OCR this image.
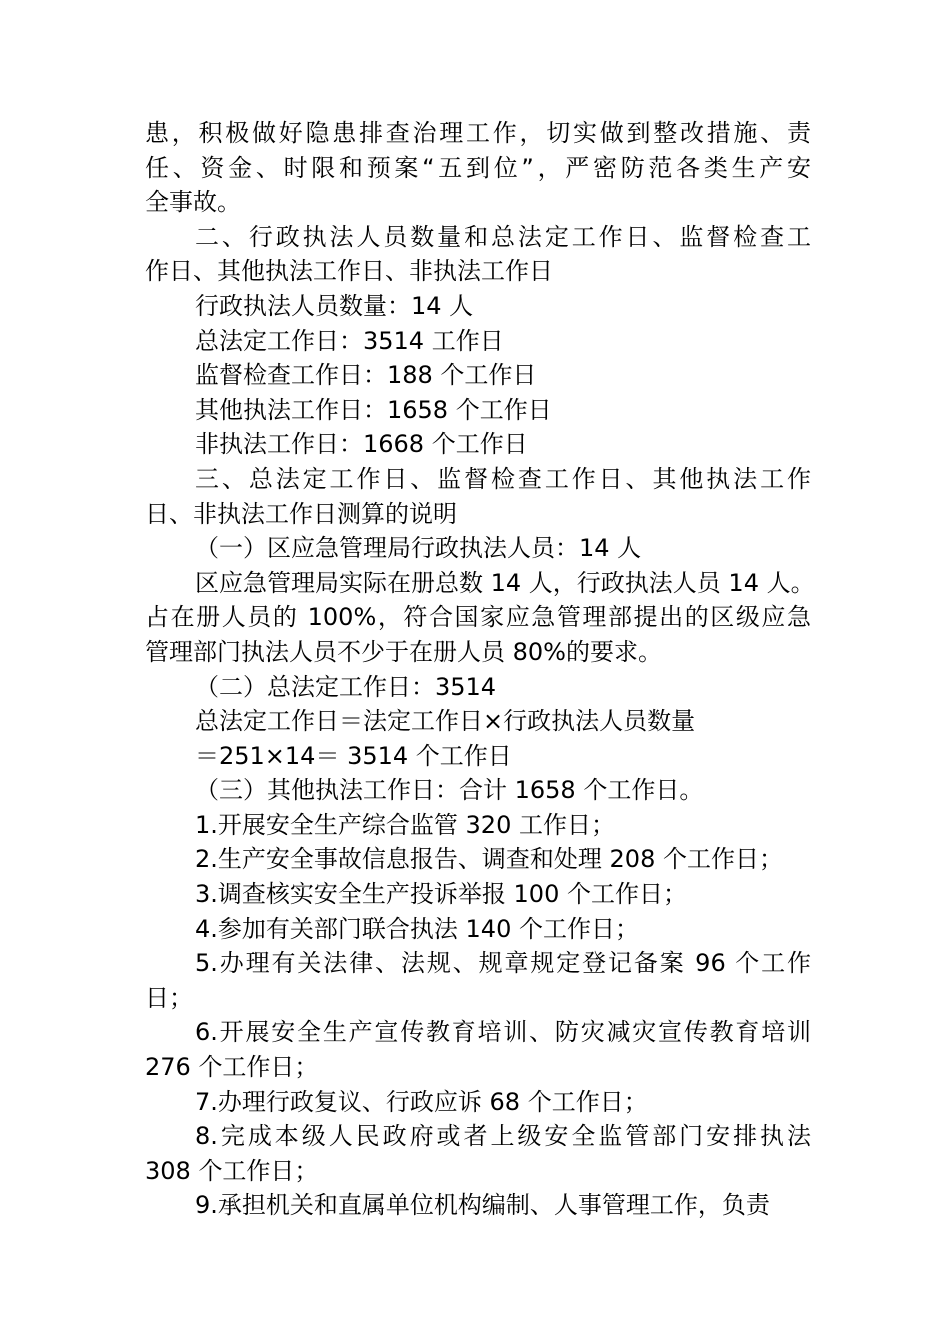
患，积极做好隐患排查治理工作，切实做到整改措施、责
任、资金、时限和预案“五到位”，严密防范各类生产安
全事故。
二、行政执法人员数量和总法定工作日、监督检查工
作日、其他执法工作日、非执法工作日
行政执法人员数量：14 人
总法定工作日：3514 工作日
监督检查工作日：188 个工作日
其他执法工作日：1658 个工作日
非执法工作日：1668 个工作日
三、总法定工作日、监督检查工作日、其他执法工作
日、非执法工作日测算的说明
（一）区应急管理局行政执法人员：14 人
区应急管理局实际在册总数 14 人，行政执法人员 14 人。
占在册人员的 100%，符合国家应急管理部提出的区级应急
管理部门执法人员不少于在册人员 80%的要求。
（二）总法定工作日：3514
总法定工作日＝法定工作日×行政执法人员数量
＝251×14＝ 3514 个工作日
（三）其他执法工作日：合计 1658 个工作日。
1.开展安全生产综合监管 320 工作日；
2.生产安全事故信息报告、调查和处理 208 个工作日；
3.调查核实安全生产投诉举报 100 个工作日；
4.参加有关部门联合执法 140 个工作日；
5.办理有关法律、法规、规章规定登记备案 96 个工作
日；
6.开展安全生产宣传教育培训、防灾减灾宣传教育培训
276 个工作日；
7.办理行政复议、行政应诉 68 个工作日；
8.完成本级人民政府或者上级安全监管部门安排执法
308 个工作日；
9.承担机关和直属单位机构编制、人事管理工作，负责
